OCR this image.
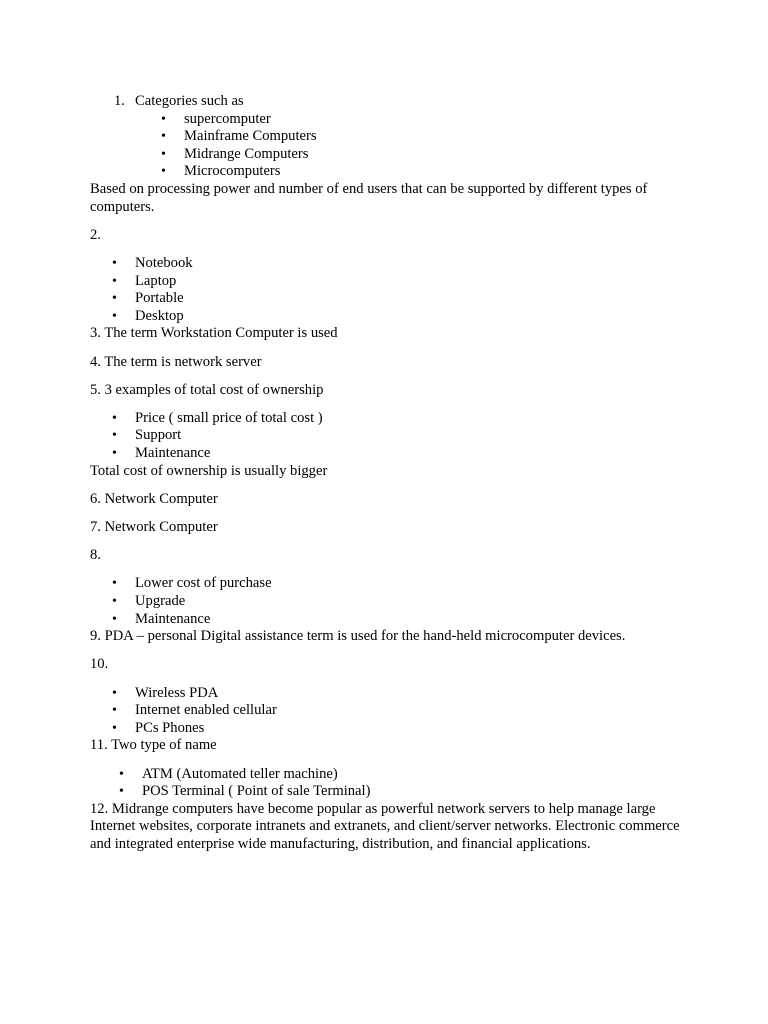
1. Categories such as
• supercomputer
• Mainframe Computers
• Midrange Computers
• Microcomputers

Based on processing power and number of end users that can be supported by different types of computers.

2.

• Notebook
• Laptop
• Portable
• Desktop

3. The term Workstation Computer is used

4. The term is network server

5. 3 examples of total cost of ownership

• Price ( small price of total cost )
• Support
• Maintenance

Total cost of ownership is usually bigger

6. Network Computer

7. Network Computer

8.

• Lower cost of purchase
• Upgrade
• Maintenance

9. PDA – personal Digital assistance term is used for the hand-held microcomputer devices.

10.

• Wireless PDA
• Internet enabled cellular
• PCs Phones

11. Two type of name

• ATM (Automated teller machine)
• POS Terminal ( Point of sale Terminal)

12. Midrange computers have become popular as powerful network servers to help manage large Internet websites, corporate intranets and extranets, and client/server networks. Electronic commerce and integrated enterprise wide manufacturing, distribution, and financial applications.
